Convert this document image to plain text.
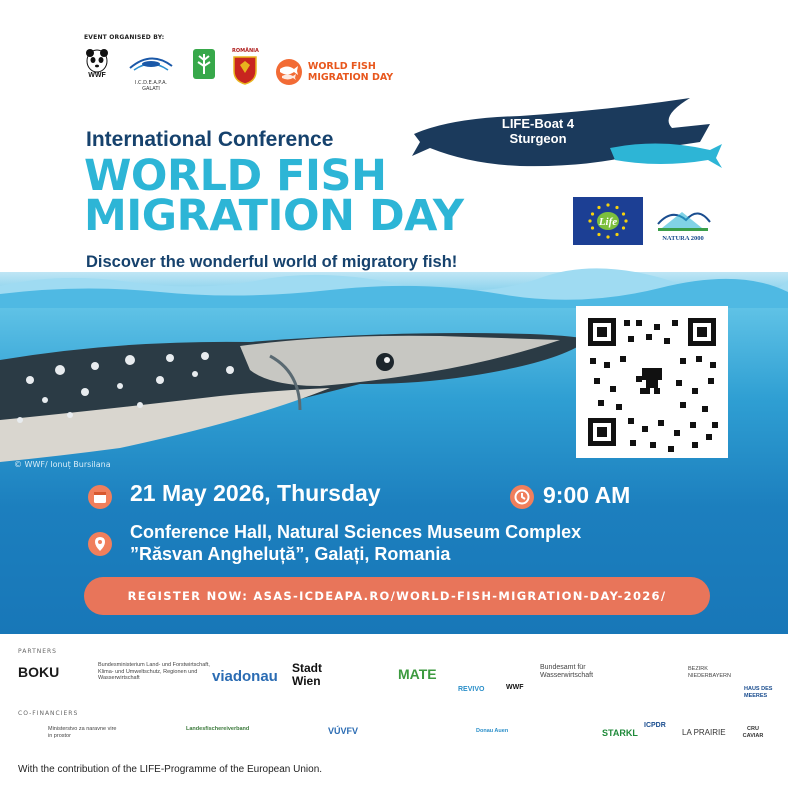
EVENT ORGANISED BY:
WWF
I.C.D.E.A.P.A.
GALATI
ROMÂNIA
WORLD FISH
MIGRATION DAY
International Conference
WORLD FISH
MIGRATION DAY
Discover the wonderful world of migratory fish!
LIFE-Boat 4
Sturgeon
Life
NATURA 2000
© WWF/ Ionuț Bursilana
21 May 2026, Thursday	9:00 AM
Conference Hall, Natural Sciences Museum Complex
”Răsvan Angheluță”, Galați, Romania
REGISTER NOW: ASAS-ICDEAPA.RO/WORLD-FISH-MIGRATION-DAY-2026/
PARTNERS
BOKU	Bundesministerium Land- und Forstwirtschaft, Klima- und Umweltschutz, Regionen und Wasserwirtschaft	viadonau Stadt Wien	MATE
REVIVO	WWF
Bundesamt für Wasserwirtschaft
BEZIRK NIEDERBAYERN
HAUS DES MEERES
CO-FINANCIERS
Ministerstvo za naravne vire in prostor
Landesfischereiverband	VÚVFV	Donau Auen	STARKL
ICPDR
LA PRAIRIE	CRU CAVIAR
With the contribution of the LIFE-Programme of the European Union.
